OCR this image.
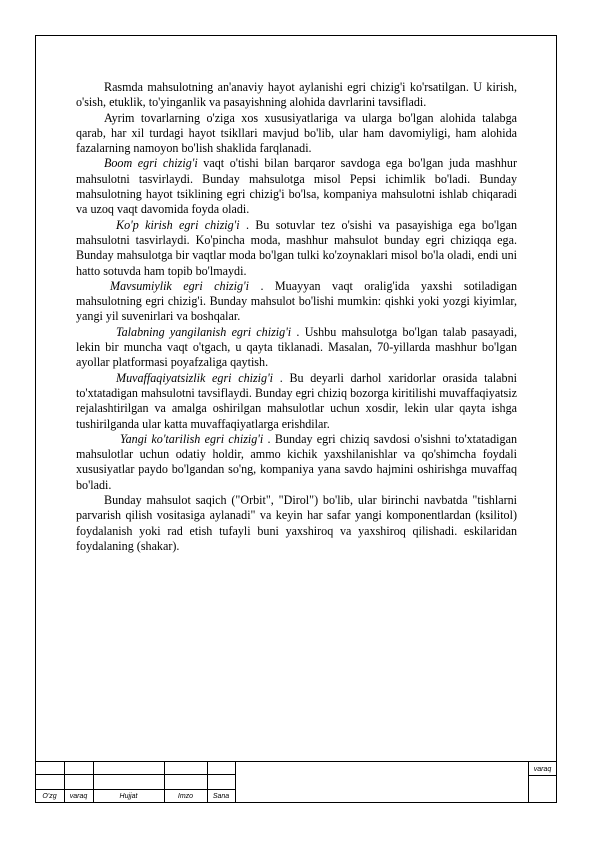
Rasmda mahsulotning an'anaviy hayot aylanishi egri chizig'i ko'rsatilgan. U kirish, o'sish, etuklik, to'yinganlik va pasayishning alohida davrlarini tavsifladi.

Ayrim tovarlarning o'ziga xos xususiyatlariga va ularga bo'lgan alohida talabga qarab, har xil turdagi hayot tsikllari mavjud bo'lib, ular ham davomiyligi, ham alohida fazalarning namoyon bo'lish shaklida farqlanadi.

Boom egri chizig'i vaqt o'tishi bilan barqaror savdoga ega bo'lgan juda mashhur mahsulotni tasvirlaydi. Bunday mahsulotga misol Pepsi ichimlik bo'ladi. Bunday mahsulotning hayot tsiklining egri chizig'i bo'lsa, kompaniya mahsulotni ishlab chiqaradi va uzoq vaqt davomida foyda oladi.

Ko'p kirish egri chizig'i . Bu sotuvlar tez o'sishi va pasayishiga ega bo'lgan mahsulotni tasvirlaydi. Ko'pincha moda, mashhur mahsulot bunday egri chiziqqa ega. Bunday mahsulotga bir vaqtlar moda bo'lgan tulki ko'zoynaklari misol bo'la oladi, endi uni hatto sotuvda ham topib bo'lmaydi.

Mavsumiylik egri chizig'i . Muayyan vaqt oralig'ida yaxshi sotiladigan mahsulotning egri chizig'i. Bunday mahsulot bo'lishi mumkin: qishki yoki yozgi kiyimlar, yangi yil suvenirlari va boshqalar.

Talabning yangilanish egri chizig'i . Ushbu mahsulotga bo'lgan talab pasayadi, lekin bir muncha vaqt o'tgach, u qayta tiklanadi. Masalan, 70-yillarda mashhur bo'lgan ayollar platformasi poyafzaliga qaytish.

Muvaffaqiyatsizlik egri chizig'i . Bu deyarli darhol xaridorlar orasida talabni to'xtatadigan mahsulotni tavsiflaydi. Bunday egri chiziq bozorga kiritilishi muvaffaqiyatsiz rejalashtirilgan va amalga oshirilgan mahsulotlar uchun xosdir, lekin ular qayta ishga tushirilganda ular katta muvaffaqiyatlarga erishdilar.

Yangi ko'tarilish egri chizig'i . Bunday egri chiziq savdosi o'sishni to'xtatadigan mahsulotlar uchun odatiy holdir, ammo kichik yaxshilanishlar va qo'shimcha foydali xususiyatlar paydo bo'lgandan so'ng, kompaniya yana savdo hajmini oshirishga muvaffaq bo'ladi.

Bunday mahsulot saqich ("Orbit", "Dirol") bo'lib, ular birinchi navbatda "tishlarni parvarish qilish vositasiga aylanadi" va keyin har safar yangi komponentlardan (ksilitol) foydalanish yoki rad etish tufayli buni yaxshiroq va yaxshiroq qilishadi. eskilaridan foydalaning (shakar).

O'zg	varaq	Hujjat	Imzo	Sana
varaq
